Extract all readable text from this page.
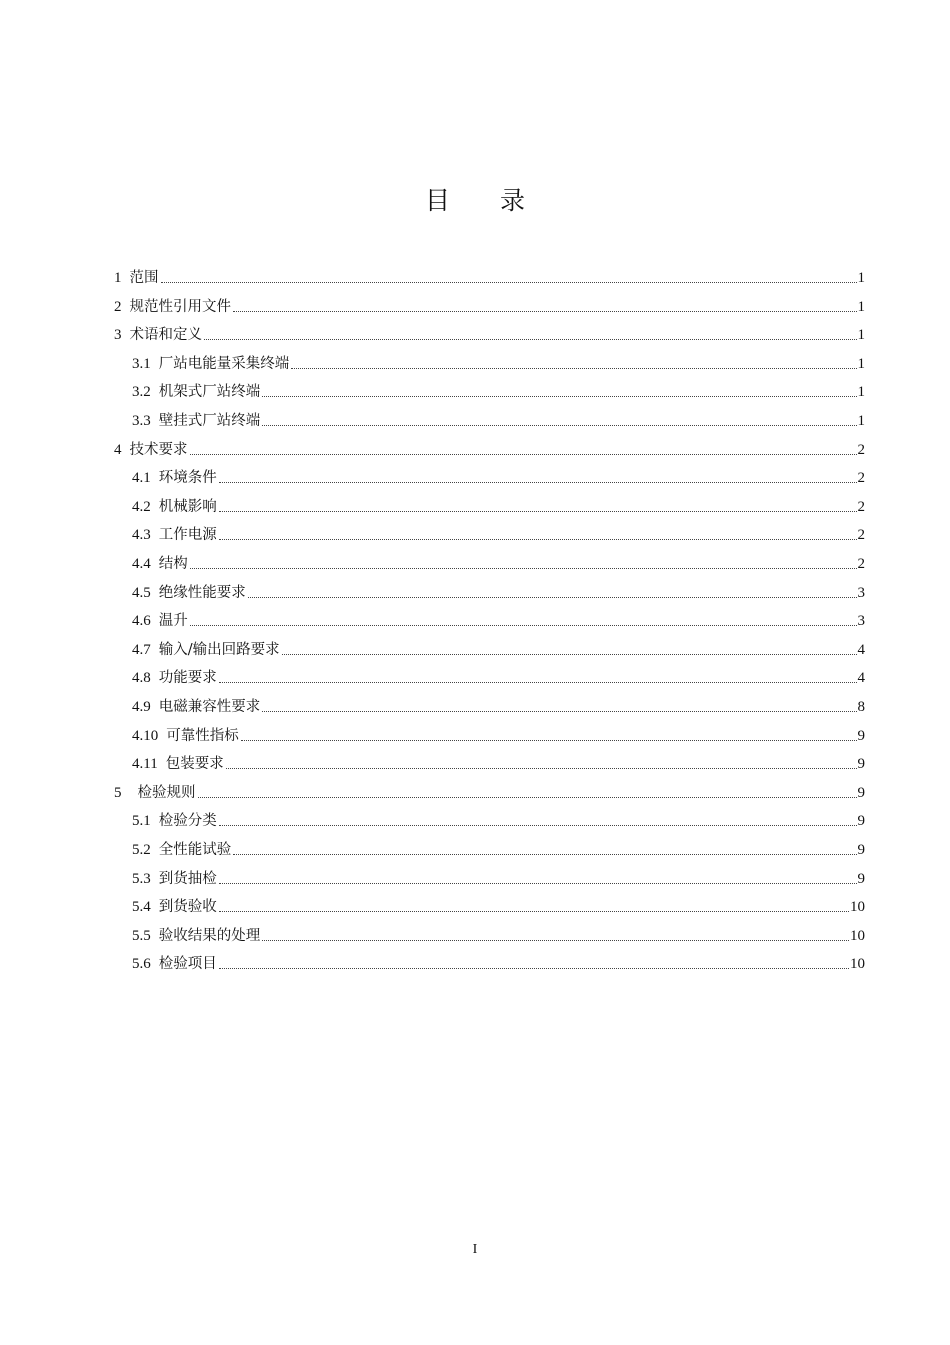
目 录
1 范围	1
2 规范性引用文件	1
3 术语和定义	1
3.1 厂站电能量采集终端	1
3.2 机架式厂站终端	1
3.3 壁挂式厂站终端	1
4 技术要求	2
4.1 环境条件	2
4.2 机械影响	2
4.3 工作电源	2
4.4 结构	2
4.5 绝缘性能要求	3
4.6 温升	3
4.7 输入/输出回路要求	4
4.8 功能要求	4
4.9 电磁兼容性要求	8
4.10 可靠性指标	9
4.11 包装要求	9
5 检验规则	9
5.1 检验分类	9
5.2 全性能试验	9
5.3 到货抽检	9
5.4 到货验收	10
5.5 验收结果的处理	10
5.6 检验项目	10
I
